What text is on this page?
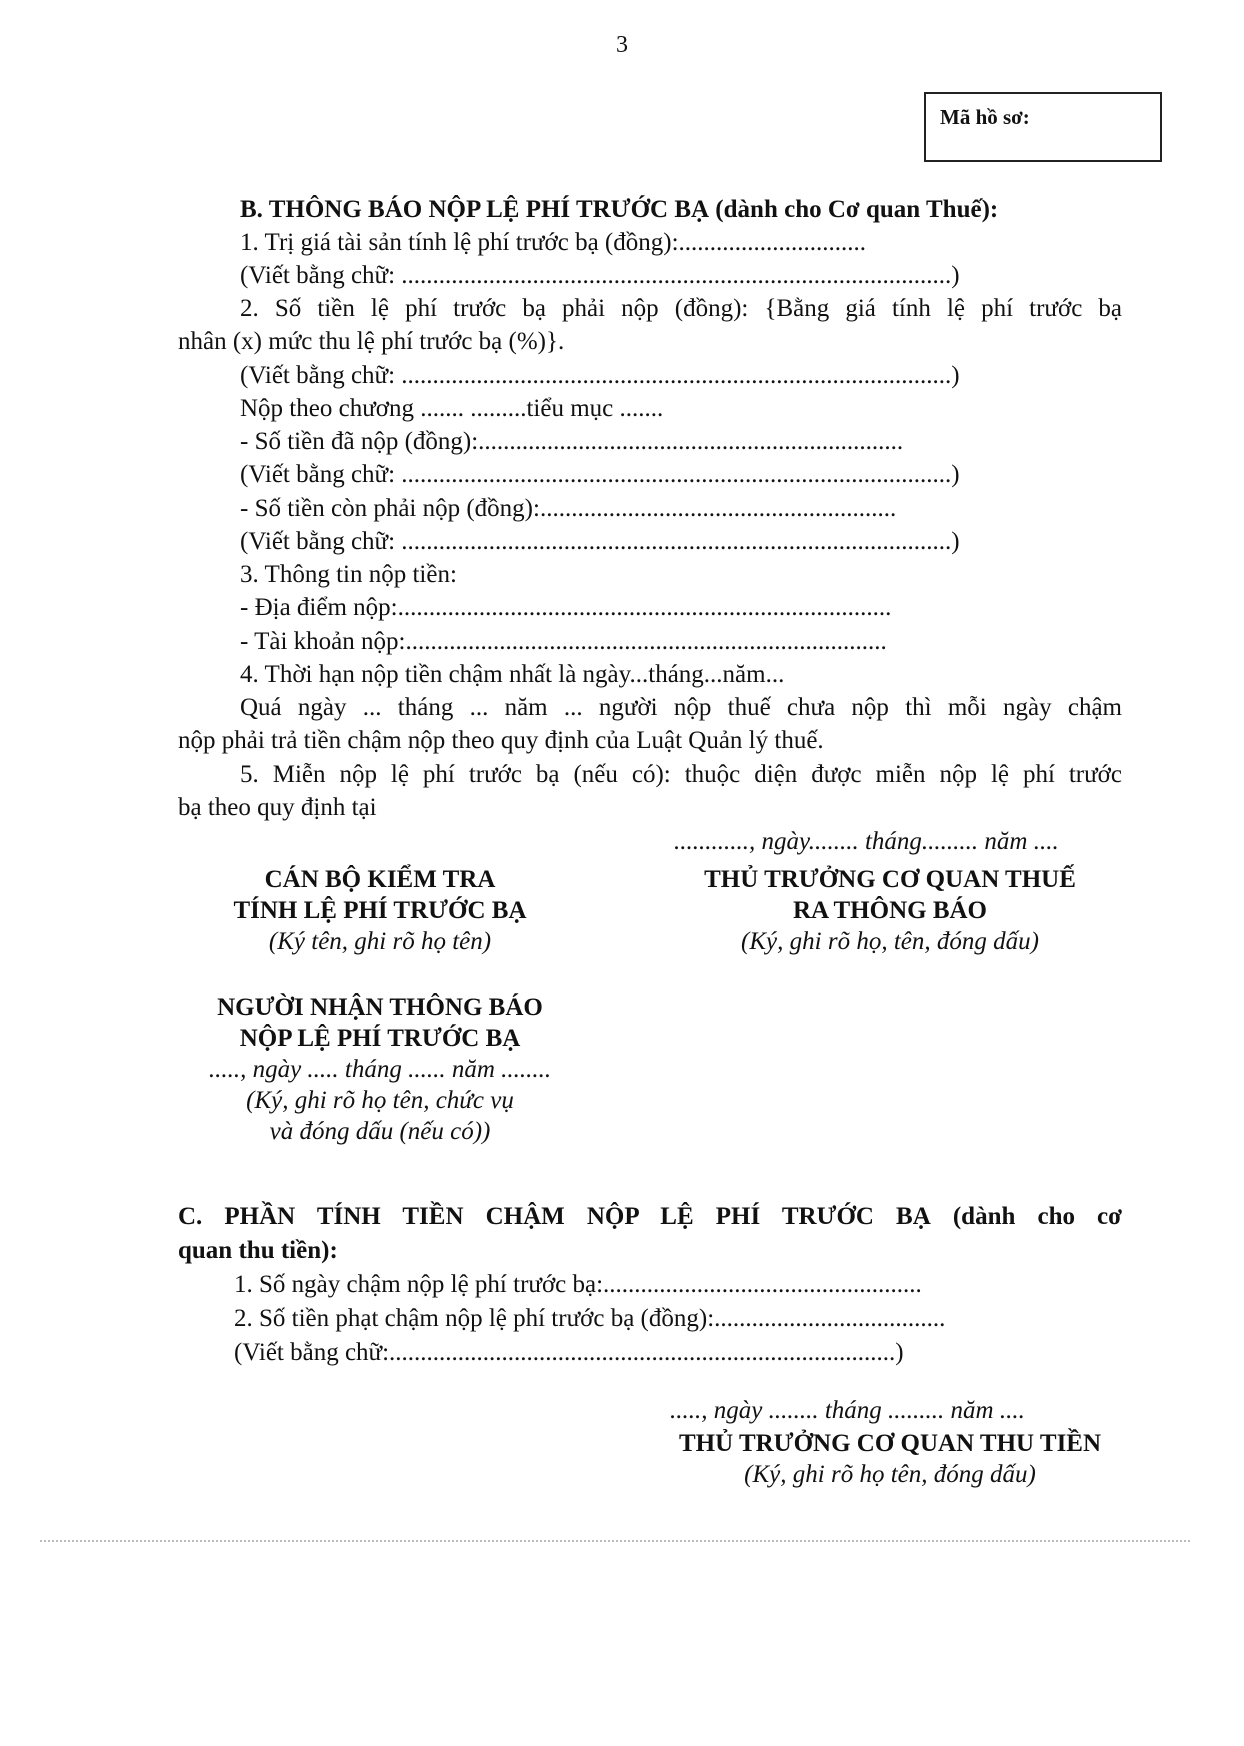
3
Mã hồ sơ:
B. THÔNG BÁO NỘP LỆ PHÍ TRƯỚC BẠ (dành cho Cơ quan Thuế):
1. Trị giá tài sản tính lệ phí trước bạ (đồng):..............................
(Viết bằng chữ: ........................................................................................)
2. Số tiền lệ phí trước bạ phải nộp (đồng): {Bằng giá tính lệ phí trước bạ
nhân (x) mức thu lệ phí trước bạ (%)}.
(Viết bằng chữ: ........................................................................................)
Nộp theo chương ....... .........tiểu mục .......
- Số tiền đã nộp (đồng):....................................................................
(Viết bằng chữ: ........................................................................................)
- Số tiền còn phải nộp (đồng):.........................................................
(Viết bằng chữ: ........................................................................................)
3. Thông tin nộp tiền:
- Địa điểm nộp:...............................................................................
- Tài khoản nộp:.............................................................................
4. Thời hạn nộp tiền chậm nhất là ngày...tháng...năm...
Quá ngày ... tháng ... năm ... người nộp thuế chưa nộp thì mỗi ngày chậm
nộp phải trả tiền chậm nộp theo quy định của Luật Quản lý thuế.
5. Miễn nộp lệ phí trước bạ (nếu có): thuộc diện được miễn nộp lệ phí trước
bạ theo quy định tại
............, ngày........ tháng......... năm ....
CÁN BỘ KIỂM TRA
TÍNH LỆ PHÍ TRƯỚC BẠ
(Ký tên, ghi rõ họ tên)
THỦ TRƯỞNG CƠ QUAN THUẾ
RA THÔNG BÁO
(Ký, ghi rõ họ, tên, đóng dấu)
NGƯỜI NHẬN THÔNG BÁO
NỘP LỆ PHÍ TRƯỚC BẠ
....., ngày ..... tháng ...... năm ........
(Ký, ghi rõ họ tên, chức vụ
và đóng dấu (nếu có))
C. PHẦN TÍNH TIỀN CHẬM NỘP LỆ PHÍ TRƯỚC BẠ (dành cho cơ
quan thu tiền):
1. Số ngày chậm nộp lệ phí trước bạ:...................................................
2. Số tiền phạt chậm nộp lệ phí trước bạ (đồng):.....................................
(Viết bằng chữ:.................................................................................)
....., ngày ........ tháng ......... năm ....
THỦ TRƯỞNG CƠ QUAN THU TIỀN
(Ký, ghi rõ họ tên, đóng dấu)
